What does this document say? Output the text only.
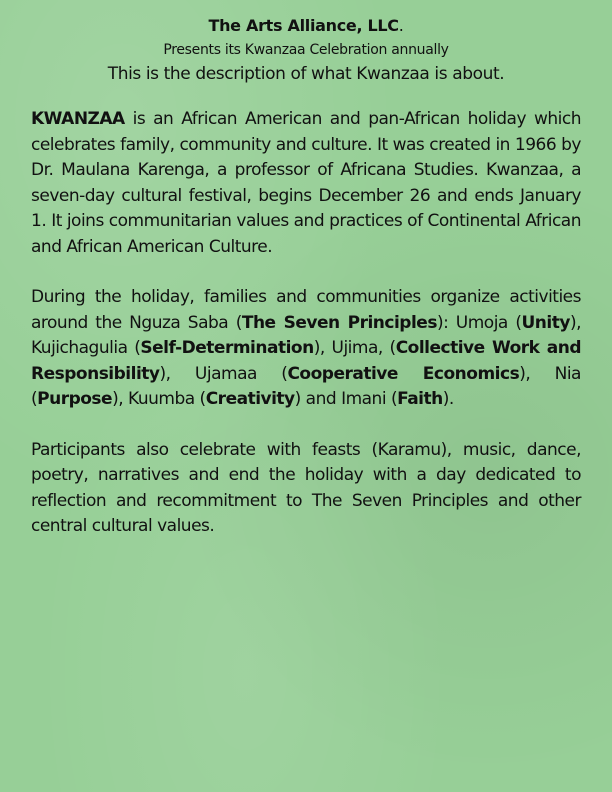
The Arts Alliance, LLC.
Presents its Kwanzaa Celebration annually
This is the description of what Kwanzaa is about.

KWANZAA is an African American and pan-African holiday which celebrates family, community and culture. It was created in 1966 by Dr. Maulana Karenga, a professor of Africana Studies. Kwanzaa, a seven-day cultural festival, begins December 26 and ends January 1. It joins communitarian values and practices of Continental African and African American Culture.

During the holiday, families and communities organize activities around the Nguza Saba (The Seven Principles): Umoja (Unity), Kujichagulia (Self-Determination), Ujima, (Collective Work and Responsibility), Ujamaa (Cooperative Economics), Nia (Purpose), Kuumba (Creativity) and Imani (Faith).

Participants also celebrate with feasts (Karamu), music, dance, poetry, narratives and end the holiday with a day dedicated to reflection and recommitment to The Seven Principles and other central cultural values.
